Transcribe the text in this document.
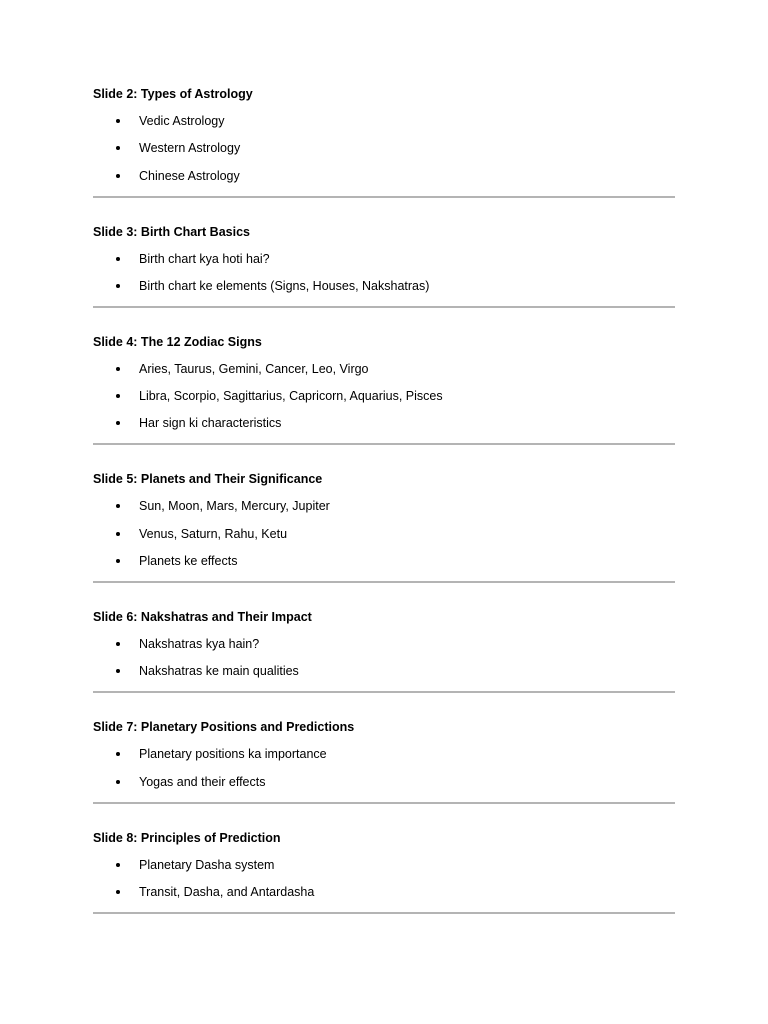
Slide 2: Types of Astrology
Vedic Astrology
Western Astrology
Chinese Astrology
Slide 3: Birth Chart Basics
Birth chart kya hoti hai?
Birth chart ke elements (Signs, Houses, Nakshatras)
Slide 4: The 12 Zodiac Signs
Aries, Taurus, Gemini, Cancer, Leo, Virgo
Libra, Scorpio, Sagittarius, Capricorn, Aquarius, Pisces
Har sign ki characteristics
Slide 5: Planets and Their Significance
Sun, Moon, Mars, Mercury, Jupiter
Venus, Saturn, Rahu, Ketu
Planets ke effects
Slide 6: Nakshatras and Their Impact
Nakshatras kya hain?
Nakshatras ke main qualities
Slide 7: Planetary Positions and Predictions
Planetary positions ka importance
Yogas and their effects
Slide 8: Principles of Prediction
Planetary Dasha system
Transit, Dasha, and Antardasha
